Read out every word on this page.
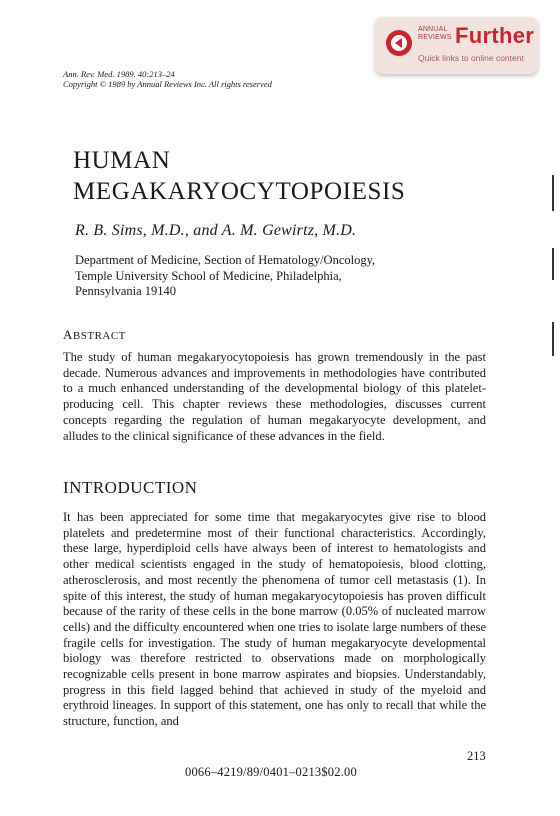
ANNUAL
REVIEWS Further
Quick links to online content
Ann. Rev. Med. 1989. 40:213–24
Copyright © 1989 by Annual Reviews Inc. All rights reserved
HUMAN
MEGAKARYOCYTOPOIESIS
R. B. Sims, M.D., and A. M. Gewirtz, M.D.
Department of Medicine, Section of Hematology/Oncology,
Temple University School of Medicine, Philadelphia,
Pennsylvania 19140
ABSTRACT

The study of human megakaryocytopoiesis has grown tremendously in the past decade. Numerous advances and improvements in methodologies have contributed to a much enhanced understanding of the developmental biology of this platelet-producing cell. This chapter reviews these methodologies, discusses current concepts regarding the regulation of human megakaryocyte development, and alludes to the clinical significance of these advances in the field.

INTRODUCTION

It has been appreciated for some time that megakaryocytes give rise to blood platelets and predetermine most of their functional characteristics. Accordingly, these large, hyperdiploid cells have always been of interest to hematologists and other medical scientists engaged in the study of hematopoiesis, blood clotting, atherosclerosis, and most recently the phenomena of tumor cell metastasis (1). In spite of this interest, the study of human megakaryocytopoiesis has proven difficult because of the rarity of these cells in the bone marrow (0.05% of nucleated marrow cells) and the difficulty encountered when one tries to isolate large numbers of these fragile cells for investigation. The study of human megakaryocyte developmental biology was therefore restricted to observations made on morphologically recognizable cells present in bone marrow aspirates and biopsies. Understandably, progress in this field lagged behind that achieved in study of the myeloid and erythroid lineages. In support of this statement, one has only to recall that while the structure, function, and

213
0066–4219/89/0401–0213$02.00
